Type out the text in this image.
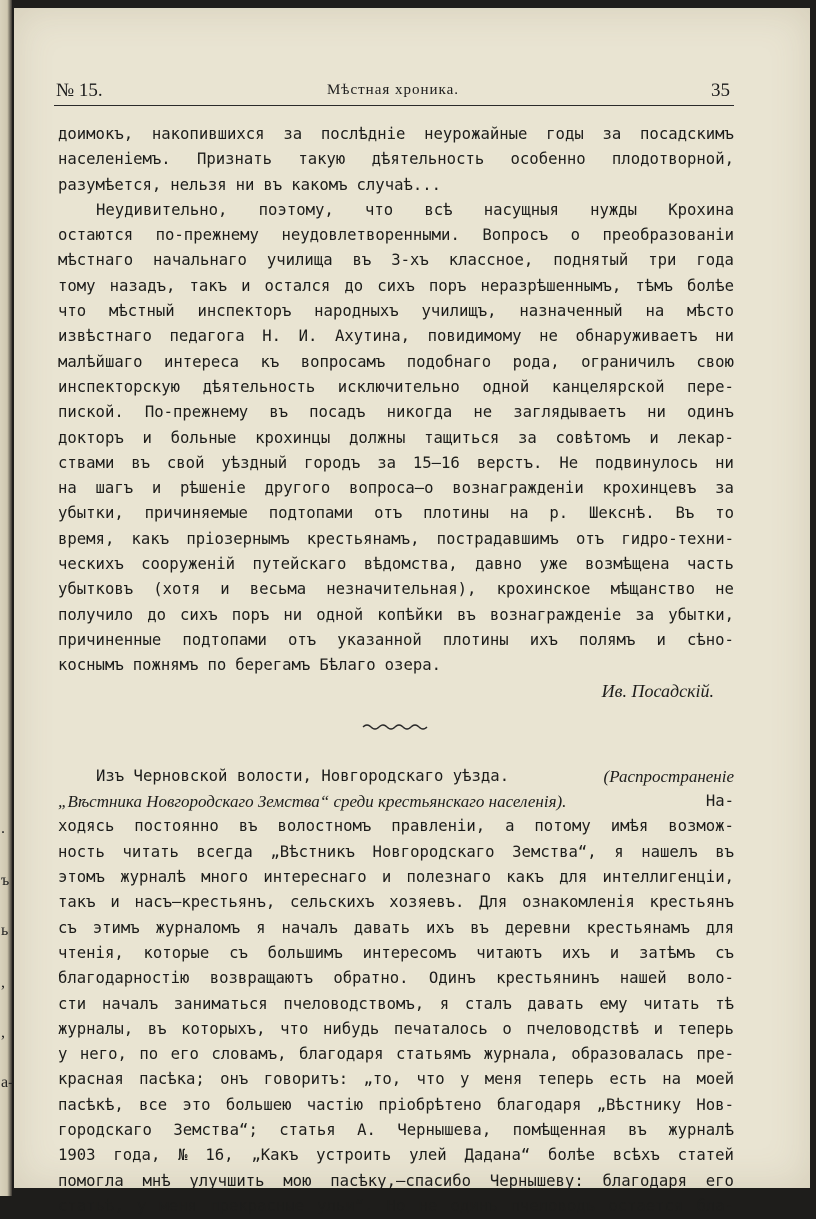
.
ъ
ь
,
,
а-
№ 15.	Мѣстная хроника.	35
доимокъ, накопившихся за послѣдніе неурожайные годы за посадскимъ
населеніемъ. Признать такую дѣятельность особенно плодотворной,
разумѣется, нельзя ни въ какомъ случаѣ...
Неудивительно, поэтому, что всѣ насущныя нужды Крохина
остаются по-прежнему неудовлетворенными. Вопросъ о преобразованіи
мѣстнаго начальнаго училища въ 3-хъ классное, поднятый три года
тому назадъ, такъ и остался до сихъ поръ неразрѣшеннымъ, тѣмъ болѣе
что мѣстный инспекторъ народныхъ училищъ, назначенный на мѣсто
извѣстнаго педагога Н. И. Ахутина, повидимому не обнаруживаетъ ни
малѣйшаго интереса къ вопросамъ подобнаго рода, ограничилъ свою
инспекторскую дѣятельность исключительно одной канцелярской пере-
пиской. По-прежнему въ посадъ никогда не заглядываетъ ни одинъ
докторъ и больные крохинцы должны тащиться за совѣтомъ и лекар-
ствами въ свой уѣздный городъ за 15—16 верстъ. Не подвинулось ни
на шагъ и рѣшеніе другого вопроса—о вознагражденіи крохинцевъ за
убытки, причиняемые подтопами отъ плотины на р. Шекснѣ. Въ то
время, какъ пріозернымъ крестьянамъ, пострадавшимъ отъ гидро-техни-
ческихъ сооруженій путейскаго вѣдомства, давно уже возмѣщена часть
убытковъ (хотя и весьма незначительная), крохинское мѣщанство не
получило до сихъ поръ ни одной копѣйки въ вознагражденіе за убытки,
причиненные подтопами отъ указанной плотины ихъ полямъ и сѣно-
коснымъ пожнямъ по берегамъ Бѣлаго озера.
Ив. Посадскій.
Изъ Черновской волости, Новгородскаго уѣзда.	(Распространеніе
„Вѣстника Новгородскаго Земства“ среди крестьянскаго населенія).	На-
ходясь постоянно въ волостномъ правленіи, а потому имѣя возмож-
ность читать всегда „Вѣстникъ Новгородскаго Земства“, я нашелъ въ
этомъ журналѣ много интереснаго и полезнаго какъ для интеллигенціи,
такъ и насъ—крестьянъ, сельскихъ хозяевъ. Для ознакомленія крестьянъ
съ этимъ журналомъ я началъ давать ихъ въ деревни крестьянамъ для
чтенія, которые съ большимъ интересомъ читаютъ ихъ и затѣмъ съ
благодарностію возвращаютъ обратно. Одинъ крестьянинъ нашей воло-
сти началъ заниматься пчеловодствомъ, я сталъ давать ему читать тѣ
журналы, въ которыхъ, что нибудь печаталось о пчеловодствѣ и теперь
у него, по его словамъ, благодаря статьямъ журнала, образовалась пре-
красная пасѣка; онъ говоритъ: „то, что у меня теперь есть на моей
пасѣкѣ, все это большею частію пріобрѣтено благодаря „Вѣстнику Нов-
городскаго Земства“; статья А. Чернышева, помѣщенная въ журналѣ
1903 года, № 16, „Какъ устроить улей Дадана“ болѣе всѣхъ статей
помогла мнѣ улучшить мою пасѣку,—спасибо Чернышеву: благодаря его
статьѣ, у меня прекрасные ульи“. Но не одинъ пчеловодъ остается бла-
